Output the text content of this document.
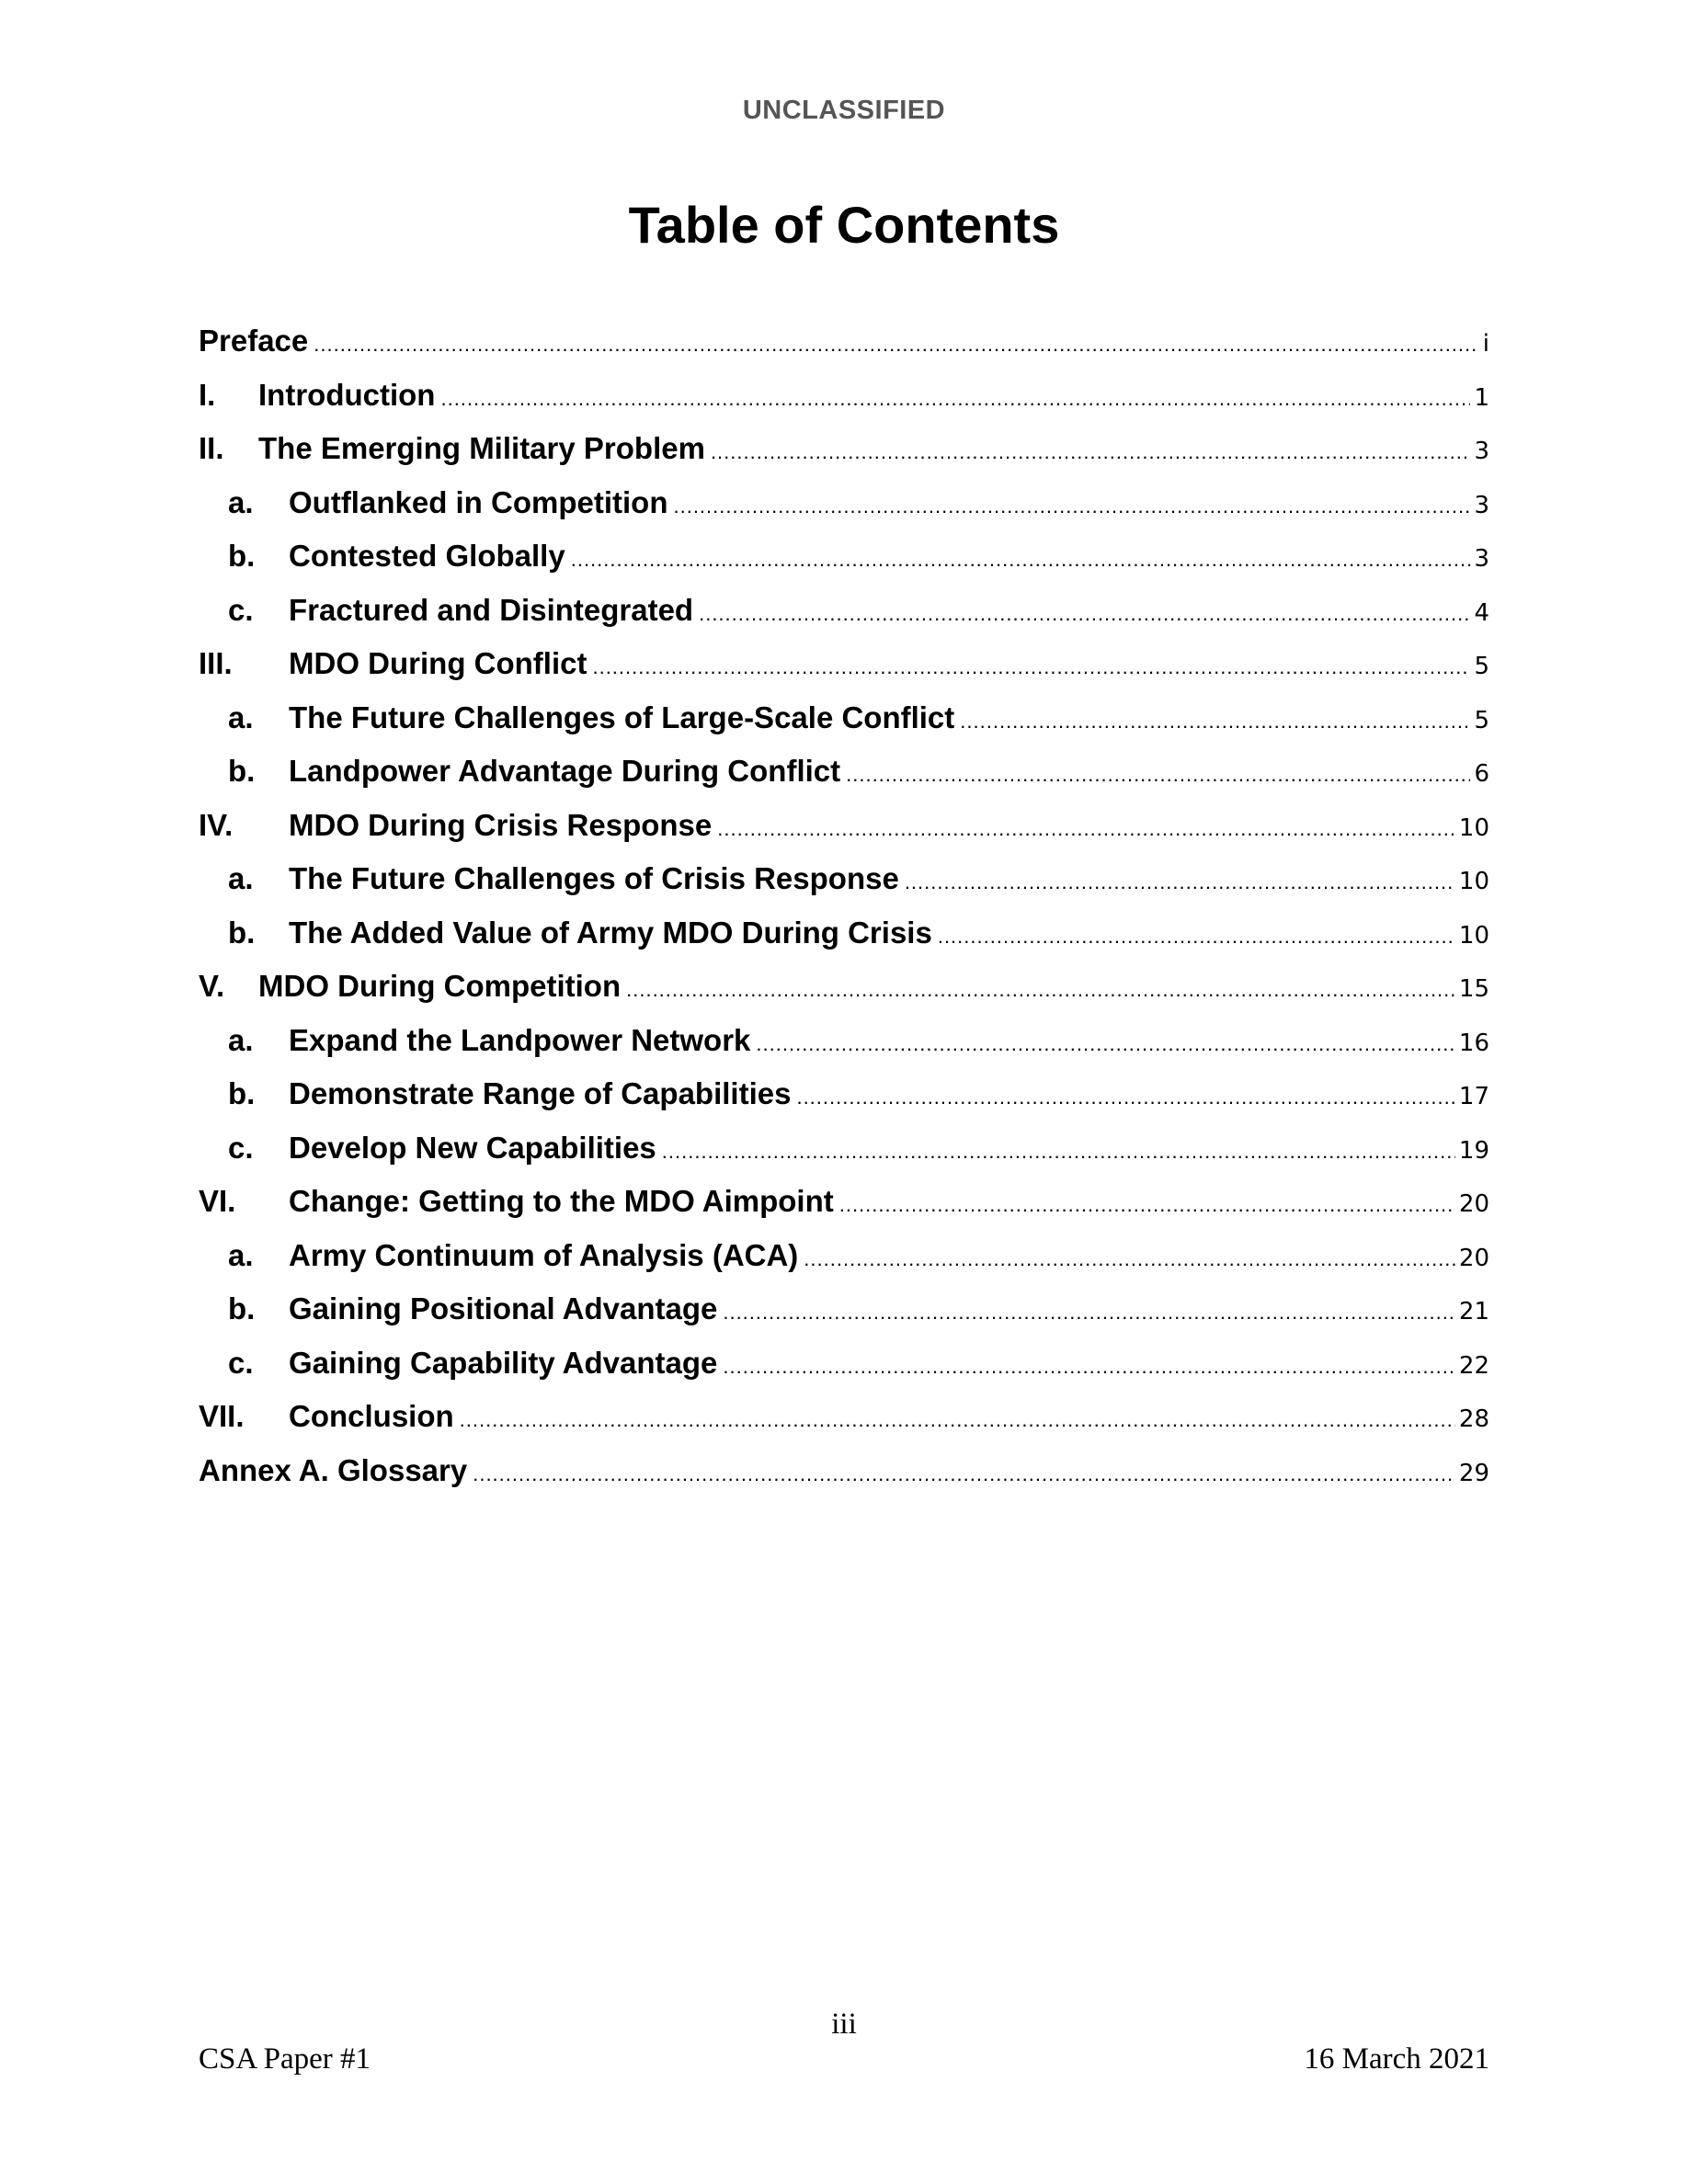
UNCLASSIFIED
Table of Contents
Preface .....	i
I.	Introduction .....	1
II.	The Emerging Military Problem .....	3
a.	Outflanked in Competition .....	3
b.	Contested Globally .....	3
c.	Fractured and Disintegrated .....	4
III.	MDO During Conflict .....	5
a.	The Future Challenges of Large-Scale Conflict .....	5
b.	Landpower Advantage During Conflict .....	6
IV.	MDO During Crisis Response .....	10
a.	The Future Challenges of Crisis Response .....	10
b.	The Added Value of Army MDO During Crisis .....	10
V.	MDO During Competition .....	15
a.	Expand the Landpower Network .....	16
b.	Demonstrate Range of Capabilities .....	17
c.	Develop New Capabilities .....	19
VI.	Change: Getting to the MDO Aimpoint .....	20
a.	Army Continuum of Analysis (ACA) .....	20
b.	Gaining Positional Advantage .....	21
c.	Gaining Capability Advantage .....	22
VII.	Conclusion .....	28
Annex A. Glossary .....	29
iii
CSA Paper #1	16 March 2021
